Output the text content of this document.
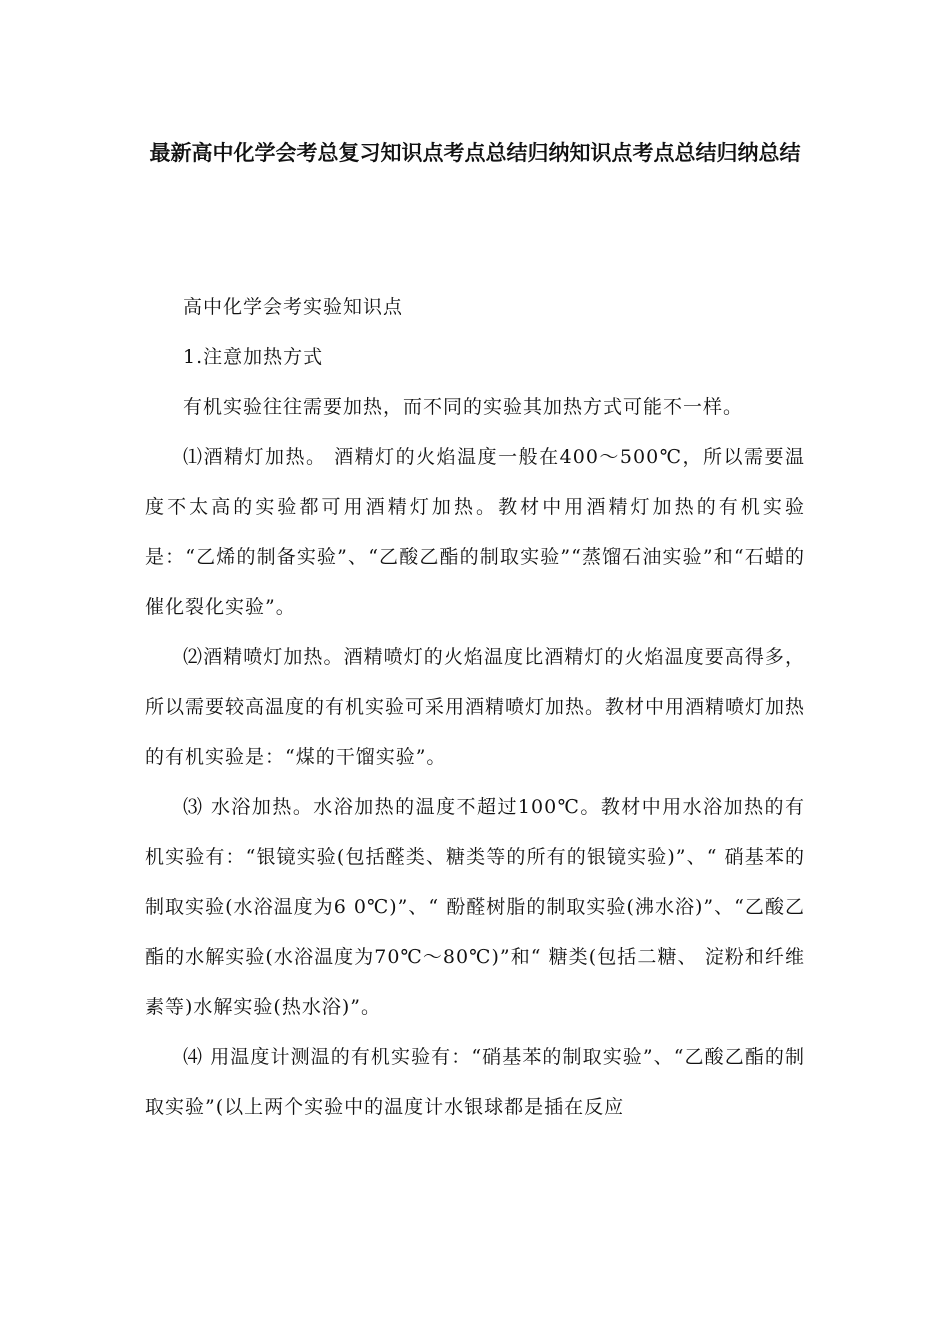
最新高中化学会考总复习知识点考点总结归纳知识点考点总结归纳总结

高中化学会考实验知识点

1.注意加热方式

有机实验往往需要加热，而不同的实验其加热方式可能不一样。

⑴酒精灯加热。 酒精灯的火焰温度一般在400～500℃，所以需要温度不太高的实验都可用酒精灯加热。教材中用酒精灯加热的有机实验是：“乙烯的制备实验”、“乙酸乙酯的制取实验”“蒸馏石油实验”和“石蜡的催化裂化实验”。

⑵酒精喷灯加热。酒精喷灯的火焰温度比酒精灯的火焰温度要高得多，所以需要较高温度的有机实验可采用酒精喷灯加热。教材中用酒精喷灯加热的有机实验是：“煤的干馏实验”。

⑶ 水浴加热。水浴加热的温度不超过100℃。教材中用水浴加热的有机实验有：“银镜实验(包括醛类、糖类等的所有的银镜实验)”、“ 硝基苯的制取实验(水浴温度为6 0℃)”、“ 酚醛树脂的制取实验(沸水浴)”、“乙酸乙酯的水解实验(水浴温度为70℃～80℃)”和“ 糖类(包括二糖、 淀粉和纤维素等)水解实验(热水浴)”。

⑷ 用温度计测温的有机实验有：“硝基苯的制取实验”、“乙酸乙酯的制取实验”(以上两个实验中的温度计水银球都是插在反应
